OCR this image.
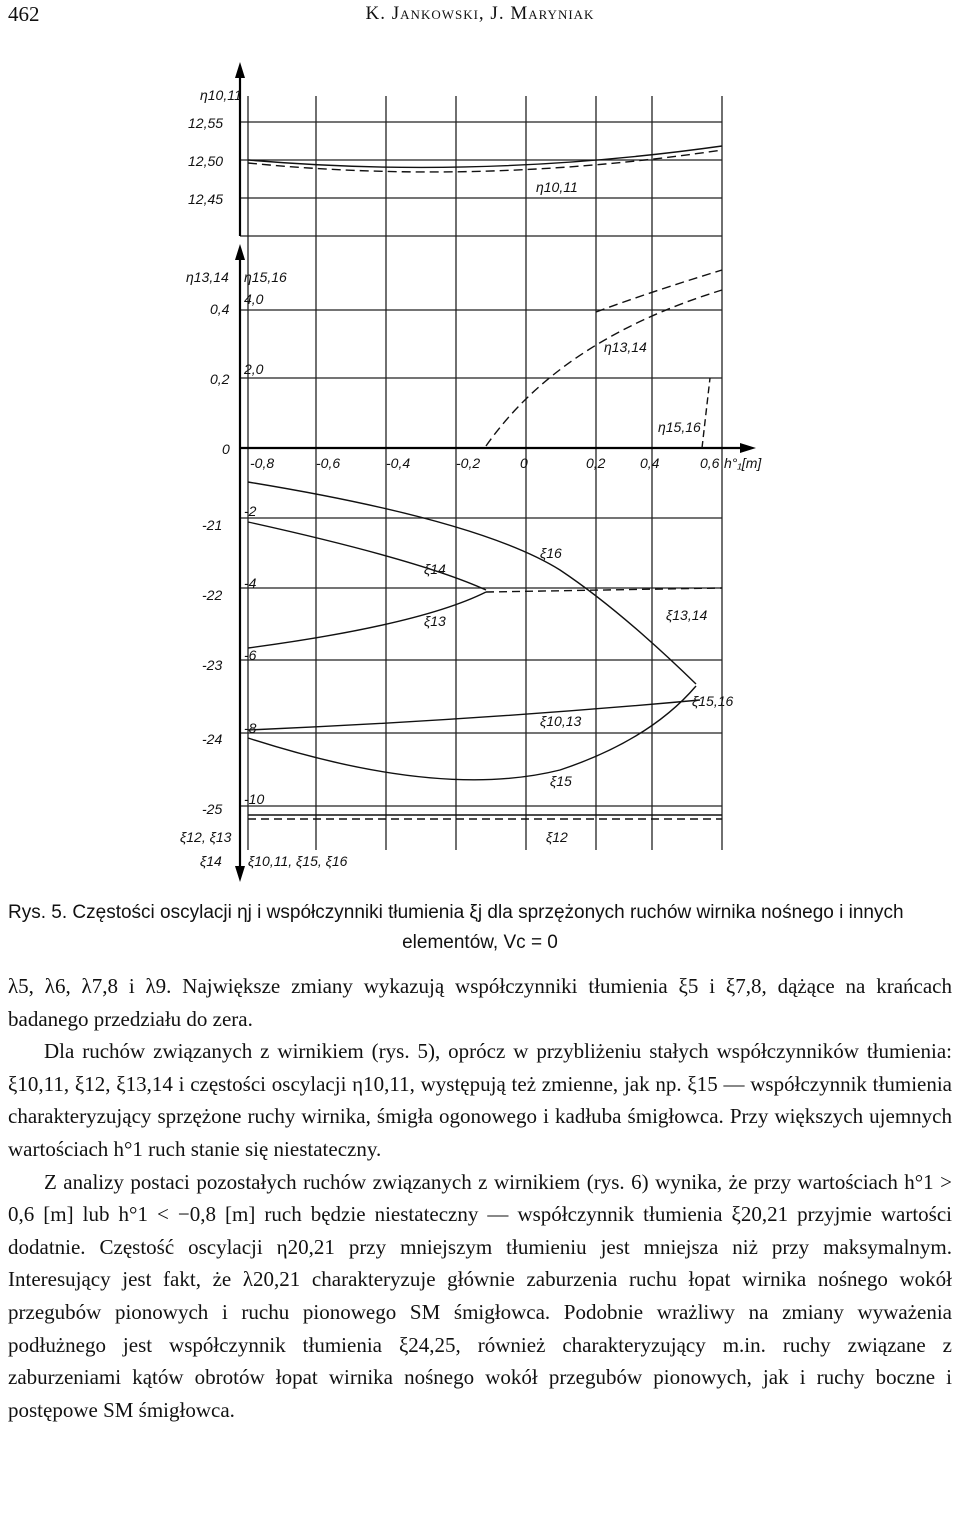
462	K. Jankowski, J. Maryniak
η10,11
12,55
12,50
12,45
η10,11
η13,14 η15,16
0,4
4,0
0,2
2,0
0
η13,14
η15,16
-0,8	-0,6	-0,4	-0,2	0	0,2 0,4	0,6 h°₁[m]
-21
-2
-22
-4
-23
-6
-24
-8
-25
-10
ξ12, ξ13
ξ14 ξ10,11, ξ15, ξ16
ξ16
ξ14
ξ13	ξ13,14
ξ15,16
ξ10,13
ξ15
ξ12
Rys. 5. Częstości oscylacji ηj i współczynniki tłumienia ξj dla sprzężonych ruchów wirnika nośnego i innych
elementów, Vc = 0

λ5, λ6, λ7,8 i λ9. Największe zmiany wykazują współczynniki tłumienia ξ5 i ξ7,8, dążące na krańcach badanego przedziału do zera.

Dla ruchów związanych z wirnikiem (rys. 5), oprócz w przybliżeniu stałych współczynników tłumienia: ξ10,11, ξ12, ξ13,14 i częstości oscylacji η10,11, występują też zmienne, jak np. ξ15 — współczynnik tłumienia charakteryzujący sprzężone ruchy wirnika, śmigła ogonowego i kadłuba śmigłowca. Przy większych ujemnych wartościach h°1 ruch stanie się niestateczny.

Z analizy postaci pozostałych ruchów związanych z wirnikiem (rys. 6) wynika, że przy wartościach h°1 > 0,6 [m] lub h°1 < −0,8 [m] ruch będzie niestateczny — współczynnik tłumienia ξ20,21 przyjmie wartości dodatnie. Częstość oscylacji η20,21 przy mniejszym tłumieniu jest mniejsza niż przy maksymalnym. Interesujący jest fakt, że λ20,21 charakteryzuje głównie zaburzenia ruchu łopat wirnika nośnego wokół przegubów pionowych i ruchu pionowego SM śmigłowca. Podobnie wrażliwy na zmiany wyważenia podłużnego jest współczynnik tłumienia ξ24,25, również charakteryzujący m.in. ruchy związane z zaburzeniami kątów obrotów łopat wirnika nośnego wokół przegubów pionowych, jak i ruchy boczne i postępowe SM śmigłowca.
